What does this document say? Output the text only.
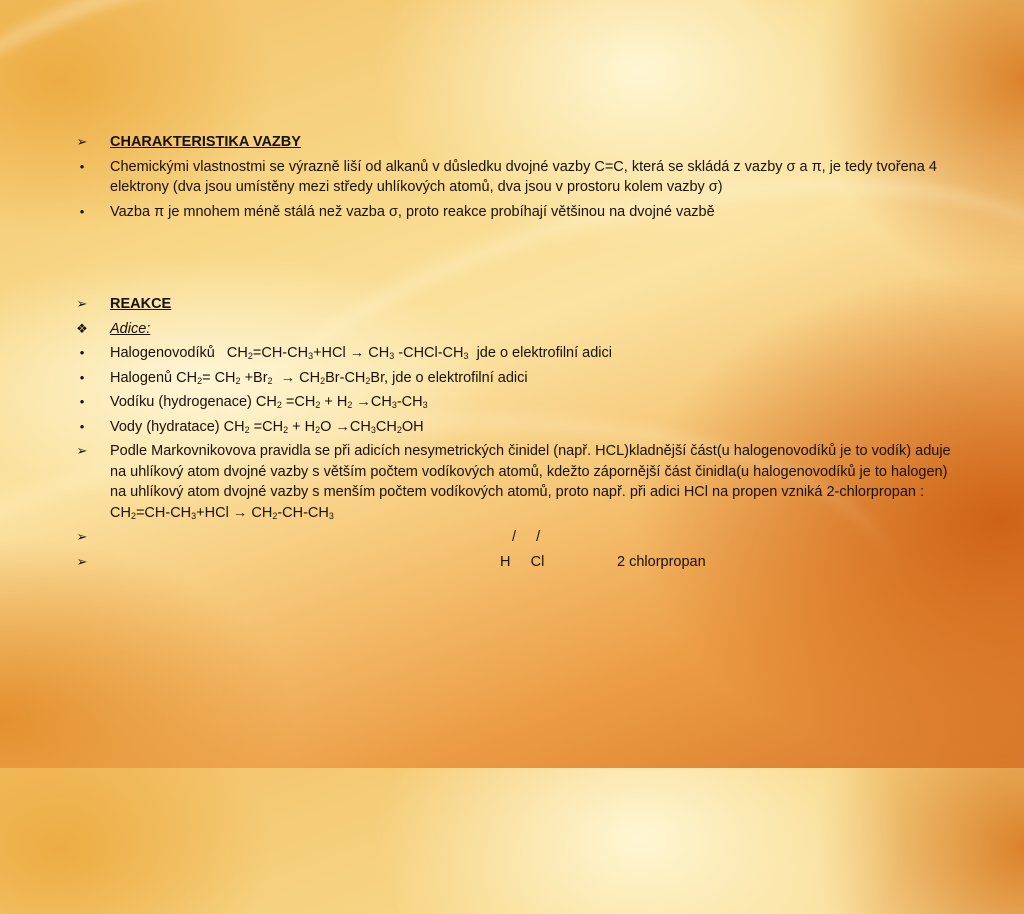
➢	CHARAKTERISTIKA VAZBY
•	Chemickými vlastnostmi se výrazně liší od alkanů v důsledku dvojné vazby C=C, která se skládá z vazby σ a π, je tedy tvořena 4 elektrony (dva jsou umístěny mezi středy uhlíkových atomů, dva jsou v prostoru kolem vazby σ)
•	Vazba π je mnohem méně stálá než vazba σ, proto reakce probíhají většinou na dvojné vazbě
➢	REAKCE
❖ Adice:
•	Halogenovodíků $CH_2=CH-CH_3+HCl \to CH_3$ $-CHCl-CH_3$ jde o elektrofilní adici
•	Halogenů $CH_2= CH_2 +Br_2 \to CH_2Br-CH_2Br$, jde o elektrofilní adici
•	Vodíku (hydrogenace) $CH_2 =CH_2 + H_2 \to CH_3-CH_3$
•	Vody (hydratace) $CH_2 =CH_2 + H_2O \to CH_3CH_2OH$
➢	Podle Markovnikovova pravidla se při adicích nesymetrických činidel (např. HCL)kladnější část(u halogenovodíků je to vodík) aduje na uhlíkový atom dvojné vazby s větším počtem vodíkových atomů, kdežto zápornější část činidla(u halogenovodíků je to halogen) na uhlíkový atom dvojné vazby s menším počtem vodíkových atomů, proto např. při adici HCl na propen vzniká 2-chlorpropan : $CH_2=CH-CH_3+HCl \to CH_2-CH-CH_3$
➢	/     /

➢	H     Cl	2 chlorpropan
